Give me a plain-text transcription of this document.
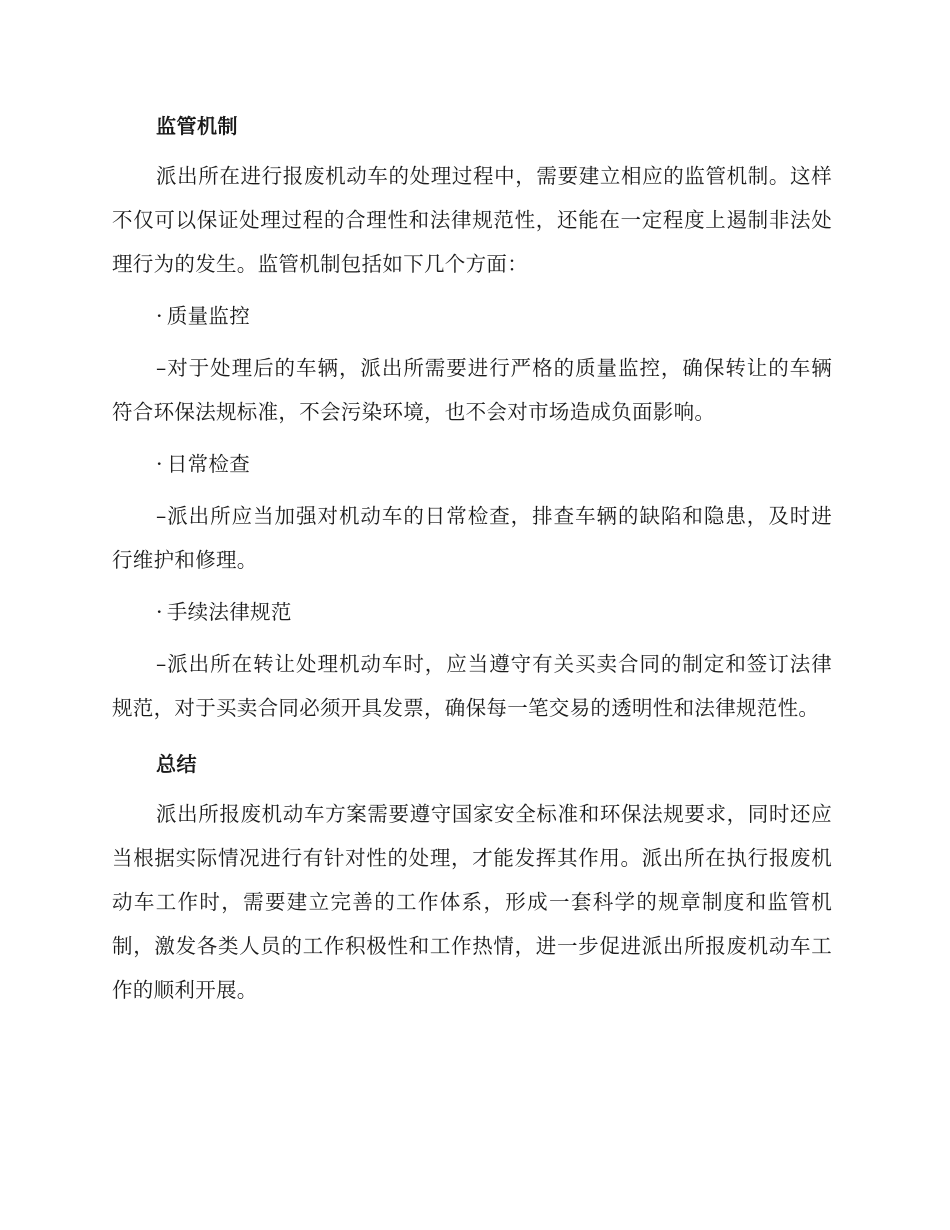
监管机制

派出所在进行报废机动车的处理过程中，需要建立相应的监管机制。这样不仅可以保证处理过程的合理性和法律规范性，还能在一定程度上遏制非法处理行为的发生。监管机制包括如下几个方面：

· 质量监控

–对于处理后的车辆，派出所需要进行严格的质量监控，确保转让的车辆符合环保法规标准，不会污染环境，也不会对市场造成负面影响。

· 日常检查

–派出所应当加强对机动车的日常检查，排查车辆的缺陷和隐患，及时进行维护和修理。

· 手续法律规范

–派出所在转让处理机动车时，应当遵守有关买卖合同的制定和签订法律规范，对于买卖合同必须开具发票，确保每一笔交易的透明性和法律规范性。

总结

派出所报废机动车方案需要遵守国家安全标准和环保法规要求，同时还应当根据实际情况进行有针对性的处理，才能发挥其作用。派出所在执行报废机动车工作时，需要建立完善的工作体系，形成一套科学的规章制度和监管机制，激发各类人员的工作积极性和工作热情，进一步促进派出所报废机动车工作的顺利开展。
